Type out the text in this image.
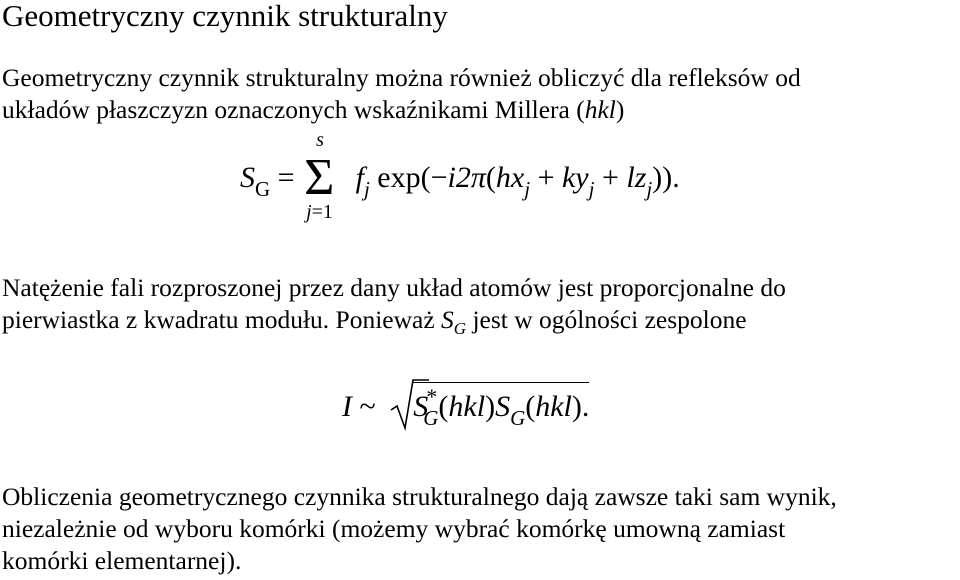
Geometryczny czynnik strukturalny

Geometryczny czynnik strukturalny można również obliczyć dla refleksów od
układów płaszczyzn oznaczonych wskaźnikami Millera (hkl)

$S_G$ =
s
Σ
j=1
$f_j$ $\exp(-i2\pi(hx_j + ky_j + lz_j))$.

Natężenie fali rozproszonej przez dany układ atomów jest proporcjonalne do
pierwiastka z kwadratu modułu. Ponieważ $S_G$ jest w ogólności zespolone

I ~
$S^*_G(hkl)S_G(hkl)$.

Obliczenia geometrycznego czynnika strukturalnego dają zawsze taki sam wynik,
niezależnie od wyboru komórki (możemy wybrać komórkę umowną zamiast
komórki elementarnej).
